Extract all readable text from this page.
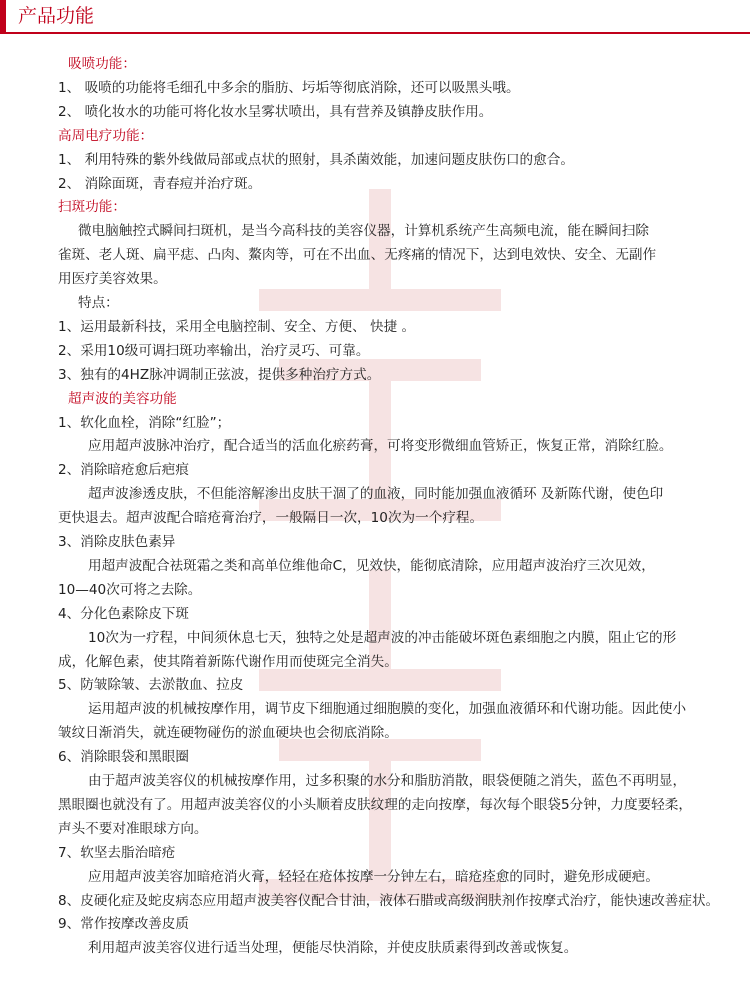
产品功能
吸喷功能：
1、 吸喷的功能将毛细孔中多余的脂肪、圬垢等彻底消除，还可以吸黑头哦。
2、 喷化妆水的功能可将化妆水呈雾状喷出，具有营养及镇静皮肤作用。
高周电疗功能：
1、 利用特殊的紫外线做局部或点状的照射，具杀菌效能，加速问题皮肤伤口的愈合。
2、 消除面斑，青春痘并治疗斑。
扫斑功能：
微电脑触控式瞬间扫斑机，是当今高科技的美容仪器，计算机系统产生高频电流，能在瞬间扫除
雀斑、老人斑、扁平痣、凸肉、鰲肉等，可在不出血、无疼痛的情况下，达到电效快、安全、无副作
用医疗美容效果。
特点：
1、运用最新科技，采用全电脑控制、安全、方便、 快捷 。
2、采用10级可调扫斑功率输出，治疗灵巧、可靠。
3、独有的4HZ脉冲调制正弦波，提供多种治疗方式。
超声波的美容功能
1、软化血栓，消除“红脸”；
应用超声波脉冲治疗，配合适当的活血化瘀药膏，可将变形微细血管矫正，恢复正常，消除红脸。
2、消除暗疮愈后疤痕
超声波渗透皮肤，不但能溶解渗出皮肤干涸了的血液，同时能加强血液循环 及新陈代谢，使色印
更快退去。超声波配合暗疮膏治疗，一般隔日一次，10次为一个疗程。
3、消除皮肤色素异
用超声波配合祛斑霜之类和高单位维他命C，见效快，能彻底清除，应用超声波治疗三次见效，
10—40次可将之去除。
4、分化色素除皮下斑
10次为一疗程，中间须休息七天，独特之处是超声波的冲击能破坏斑色素细胞之内膜，阻止它的形
成，化解色素，使其隋着新陈代谢作用而使斑完全消失。
5、防皱除皱、去淤散血、拉皮
运用超声波的机械按摩作用，调节皮下细胞通过细胞膜的变化，加强血液循环和代谢功能。因此使小
皱纹日渐消失，就连硬物碰伤的淤血硬块也会彻底消除。
6、消除眼袋和黑眼圈
由于超声波美容仪的机械按摩作用，过多积聚的水分和脂肪消散，眼袋便随之消失，蓝色不再明显，
黑眼圈也就没有了。用超声波美容仪的小头顺着皮肤纹理的走向按摩，每次每个眼袋5分钟，力度要轻柔，
声头不要对准眼球方向。
7、软坚去脂治暗疮
应用超声波美容加暗疮消火膏，轻轻在疮体按摩一分钟左右，暗疮痊愈的同时，避免形成硬疤。
8、皮硬化症及蛇皮病态应用超声波美容仪配合甘油，液体石腊或高级润肤剂作按摩式治疗，能快速改善症状。
9、常作按摩改善皮质
利用超声波美容仪进行适当处理，便能尽快消除，并使皮肤质素得到改善或恢复。
